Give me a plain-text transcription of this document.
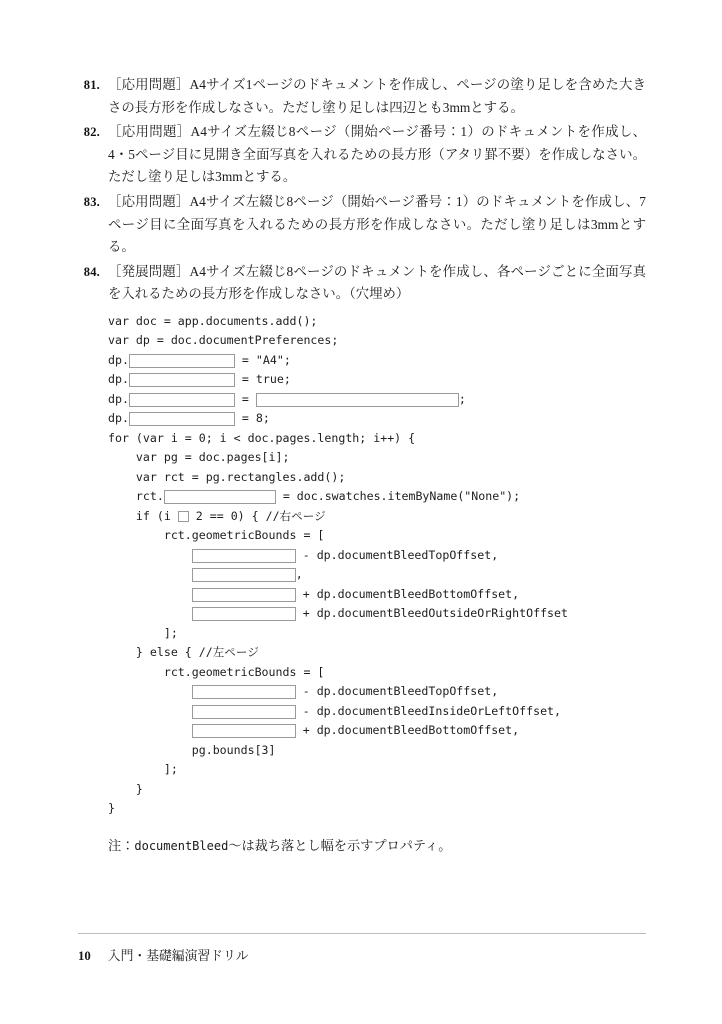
81. ［応用問題］A4サイズ1ページのドキュメントを作成し、ページの塗り足しを含めた大きさの長方形を作成しなさい。ただし塗り足しは四辺とも3mmとする。
82. ［応用問題］A4サイズ左綴じ8ページ（開始ページ番号：1）のドキュメントを作成し、4・5ページ目に見開き全面写真を入れるための長方形（アタリ罫不要）を作成しなさい。ただし塗り足しは3mmとする。
83. ［応用問題］A4サイズ左綴じ8ページ（開始ページ番号：1）のドキュメントを作成し、7ページ目に全面写真を入れるための長方形を作成しなさい。ただし塗り足しは3mmとする。
84. ［発展問題］A4サイズ左綴じ8ページのドキュメントを作成し、各ページごとに全面写真を入れるための長方形を作成しなさい。（穴埋め）
var doc = app.documents.add();
var dp = doc.documentPreferences;
dp.	= "A4";
dp.	= true;
dp.	=	;
dp.	= 8;
for (var i = 0; i < doc.pages.length; i++) {
var pg = doc.pages[i];
var rct = pg.rectangles.add();
rct.	= doc.swatches.itemByName("None");
if (i 2 == 0) { //右ページ
rct.geometricBounds = [

- dp.documentBleedTopOffset,

,

+ dp.documentBleedBottomOffset,

+ dp.documentBleedOutsideOrRightOffset
];
} else { //左ページ
rct.geometricBounds = [

- dp.documentBleedTopOffset,

- dp.documentBleedInsideOrLeftOffset,

+ dp.documentBleedBottomOffset,
pg.bounds[3]
];
}
}
注：documentBleed〜は裁ち落とし幅を示すプロパティ。
10 入門・基礎編演習ドリル
